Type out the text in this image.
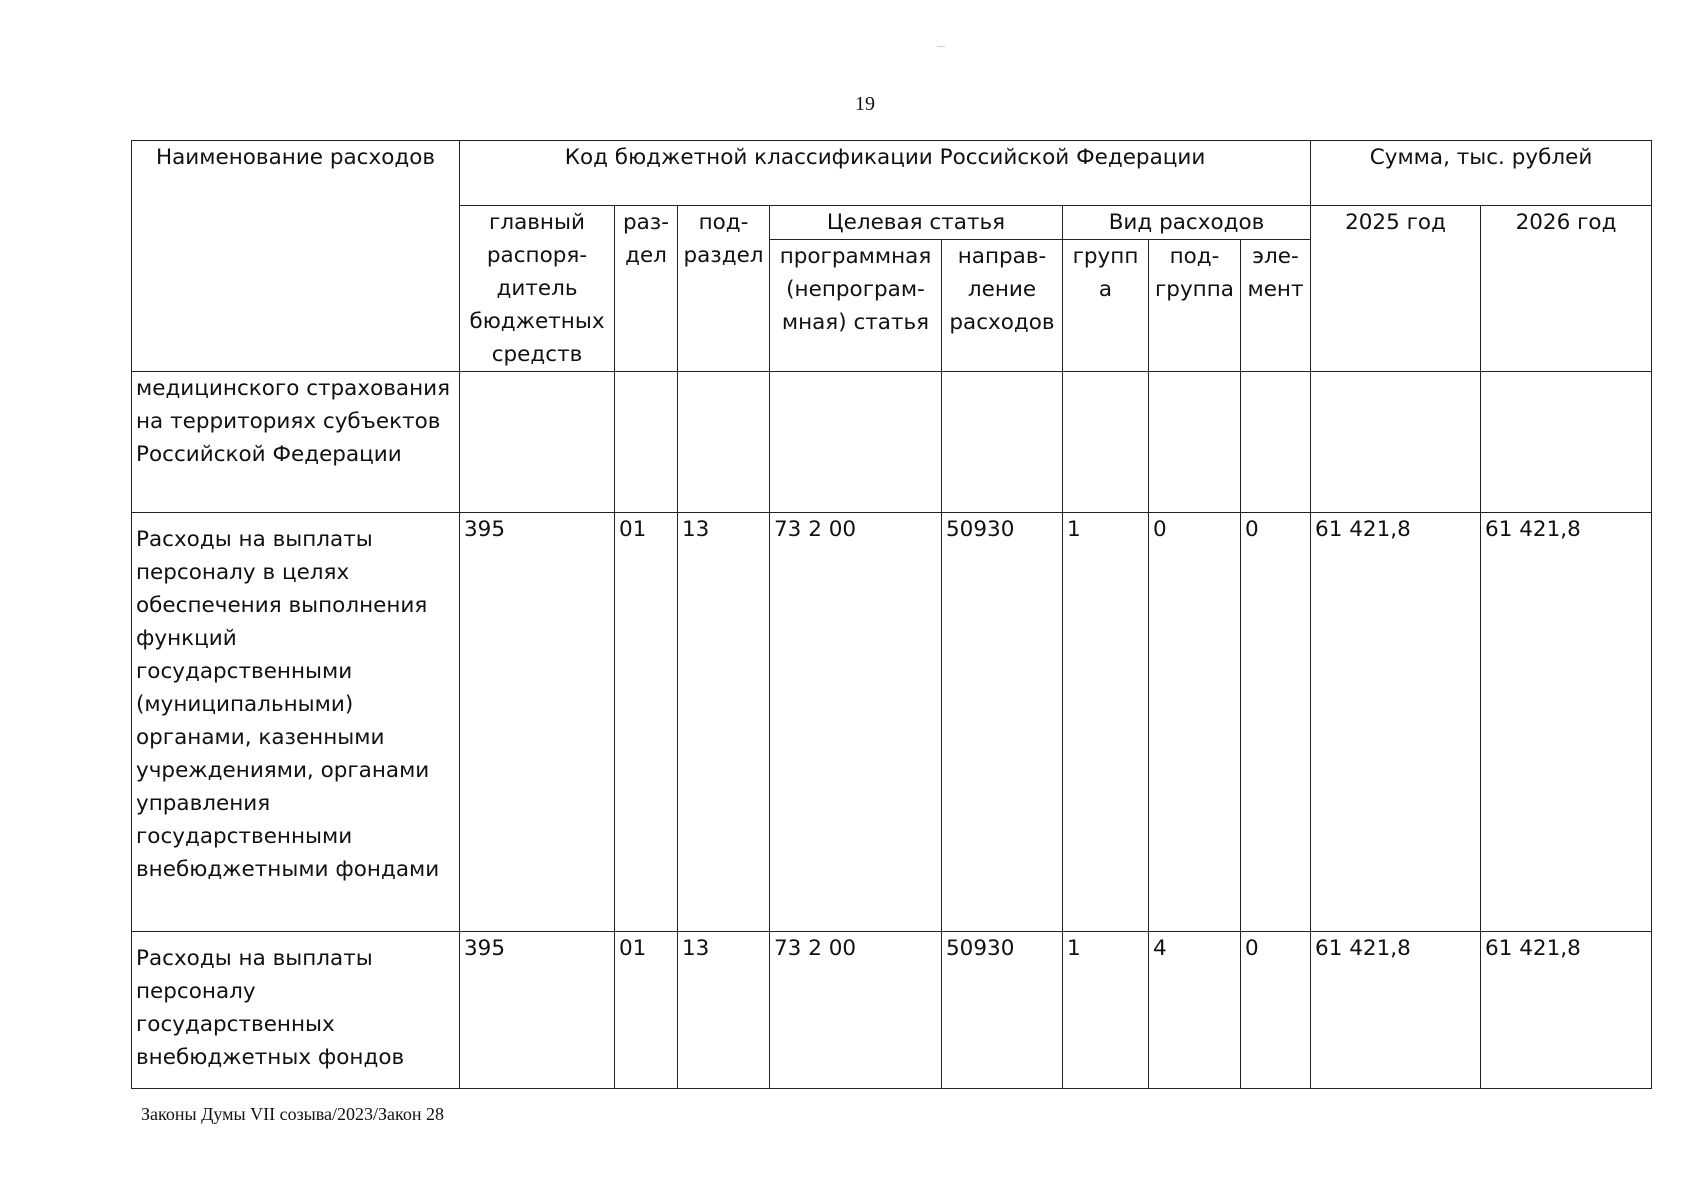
19
Наименование расходов	Код бюджетной классификации Российской Федерации								Сумма, тыс. рублей	
	главный распоря-дитель бюджетных средств	раз-дел	под-раздел	Целевая статья		Вид расходов			2025 год	2026 год
				программная (непрограм-мная) статья	направ-ление расходов	группа	под-группа	эле-мент		

медицинского страхования на территориях субъектов Российской Федерации										
Расходы на выплаты персоналу в целях обеспечения выполнения функций государственными (муниципальными) органами, казенными учреждениями, органами управления государственными внебюджетными фондами	395	01	13	73 2 00	50930	1	0	0	61 421,8	61 421,8
Расходы на выплаты персоналу государственных внебюджетных фондов	395	01	13	73 2 00	50930	1	4	0	61 421,8	61 421,8
Законы Думы VII созыва/2023/Закон 28
